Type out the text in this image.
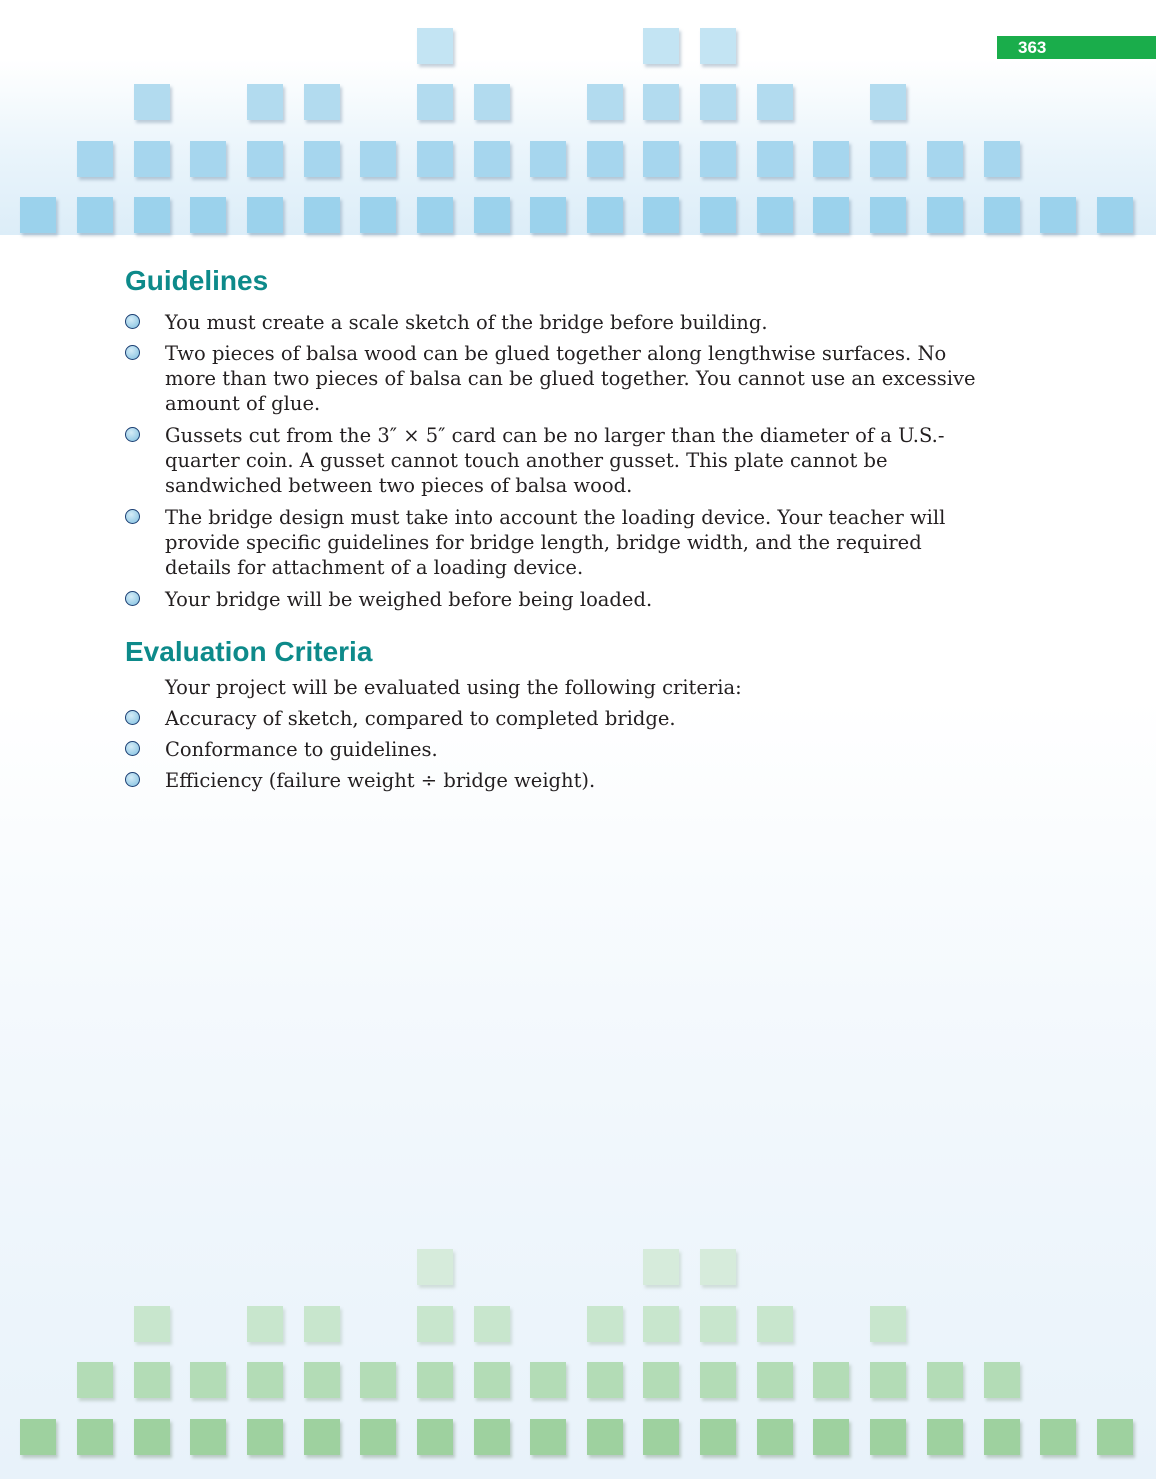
363
Guidelines
You must create a scale sketch of the bridge before building.
Two pieces of balsa wood can be glued together along lengthwise surfaces. No more than two pieces of balsa can be glued together. You cannot use an excessive amount of glue.
Gussets cut from the 3″ × 5″ card can be no larger than the diameter of a U.S.-quarter coin. A gusset cannot touch another gusset. This plate cannot be sandwiched between two pieces of balsa wood.
The bridge design must take into account the loading device. Your teacher will provide specific guidelines for bridge length, bridge width, and the required details for attachment of a loading device.
Your bridge will be weighed before being loaded.
Evaluation Criteria
Your project will be evaluated using the following criteria:
Accuracy of sketch, compared to completed bridge.
Conformance to guidelines.
Efficiency (failure weight ÷ bridge weight).
